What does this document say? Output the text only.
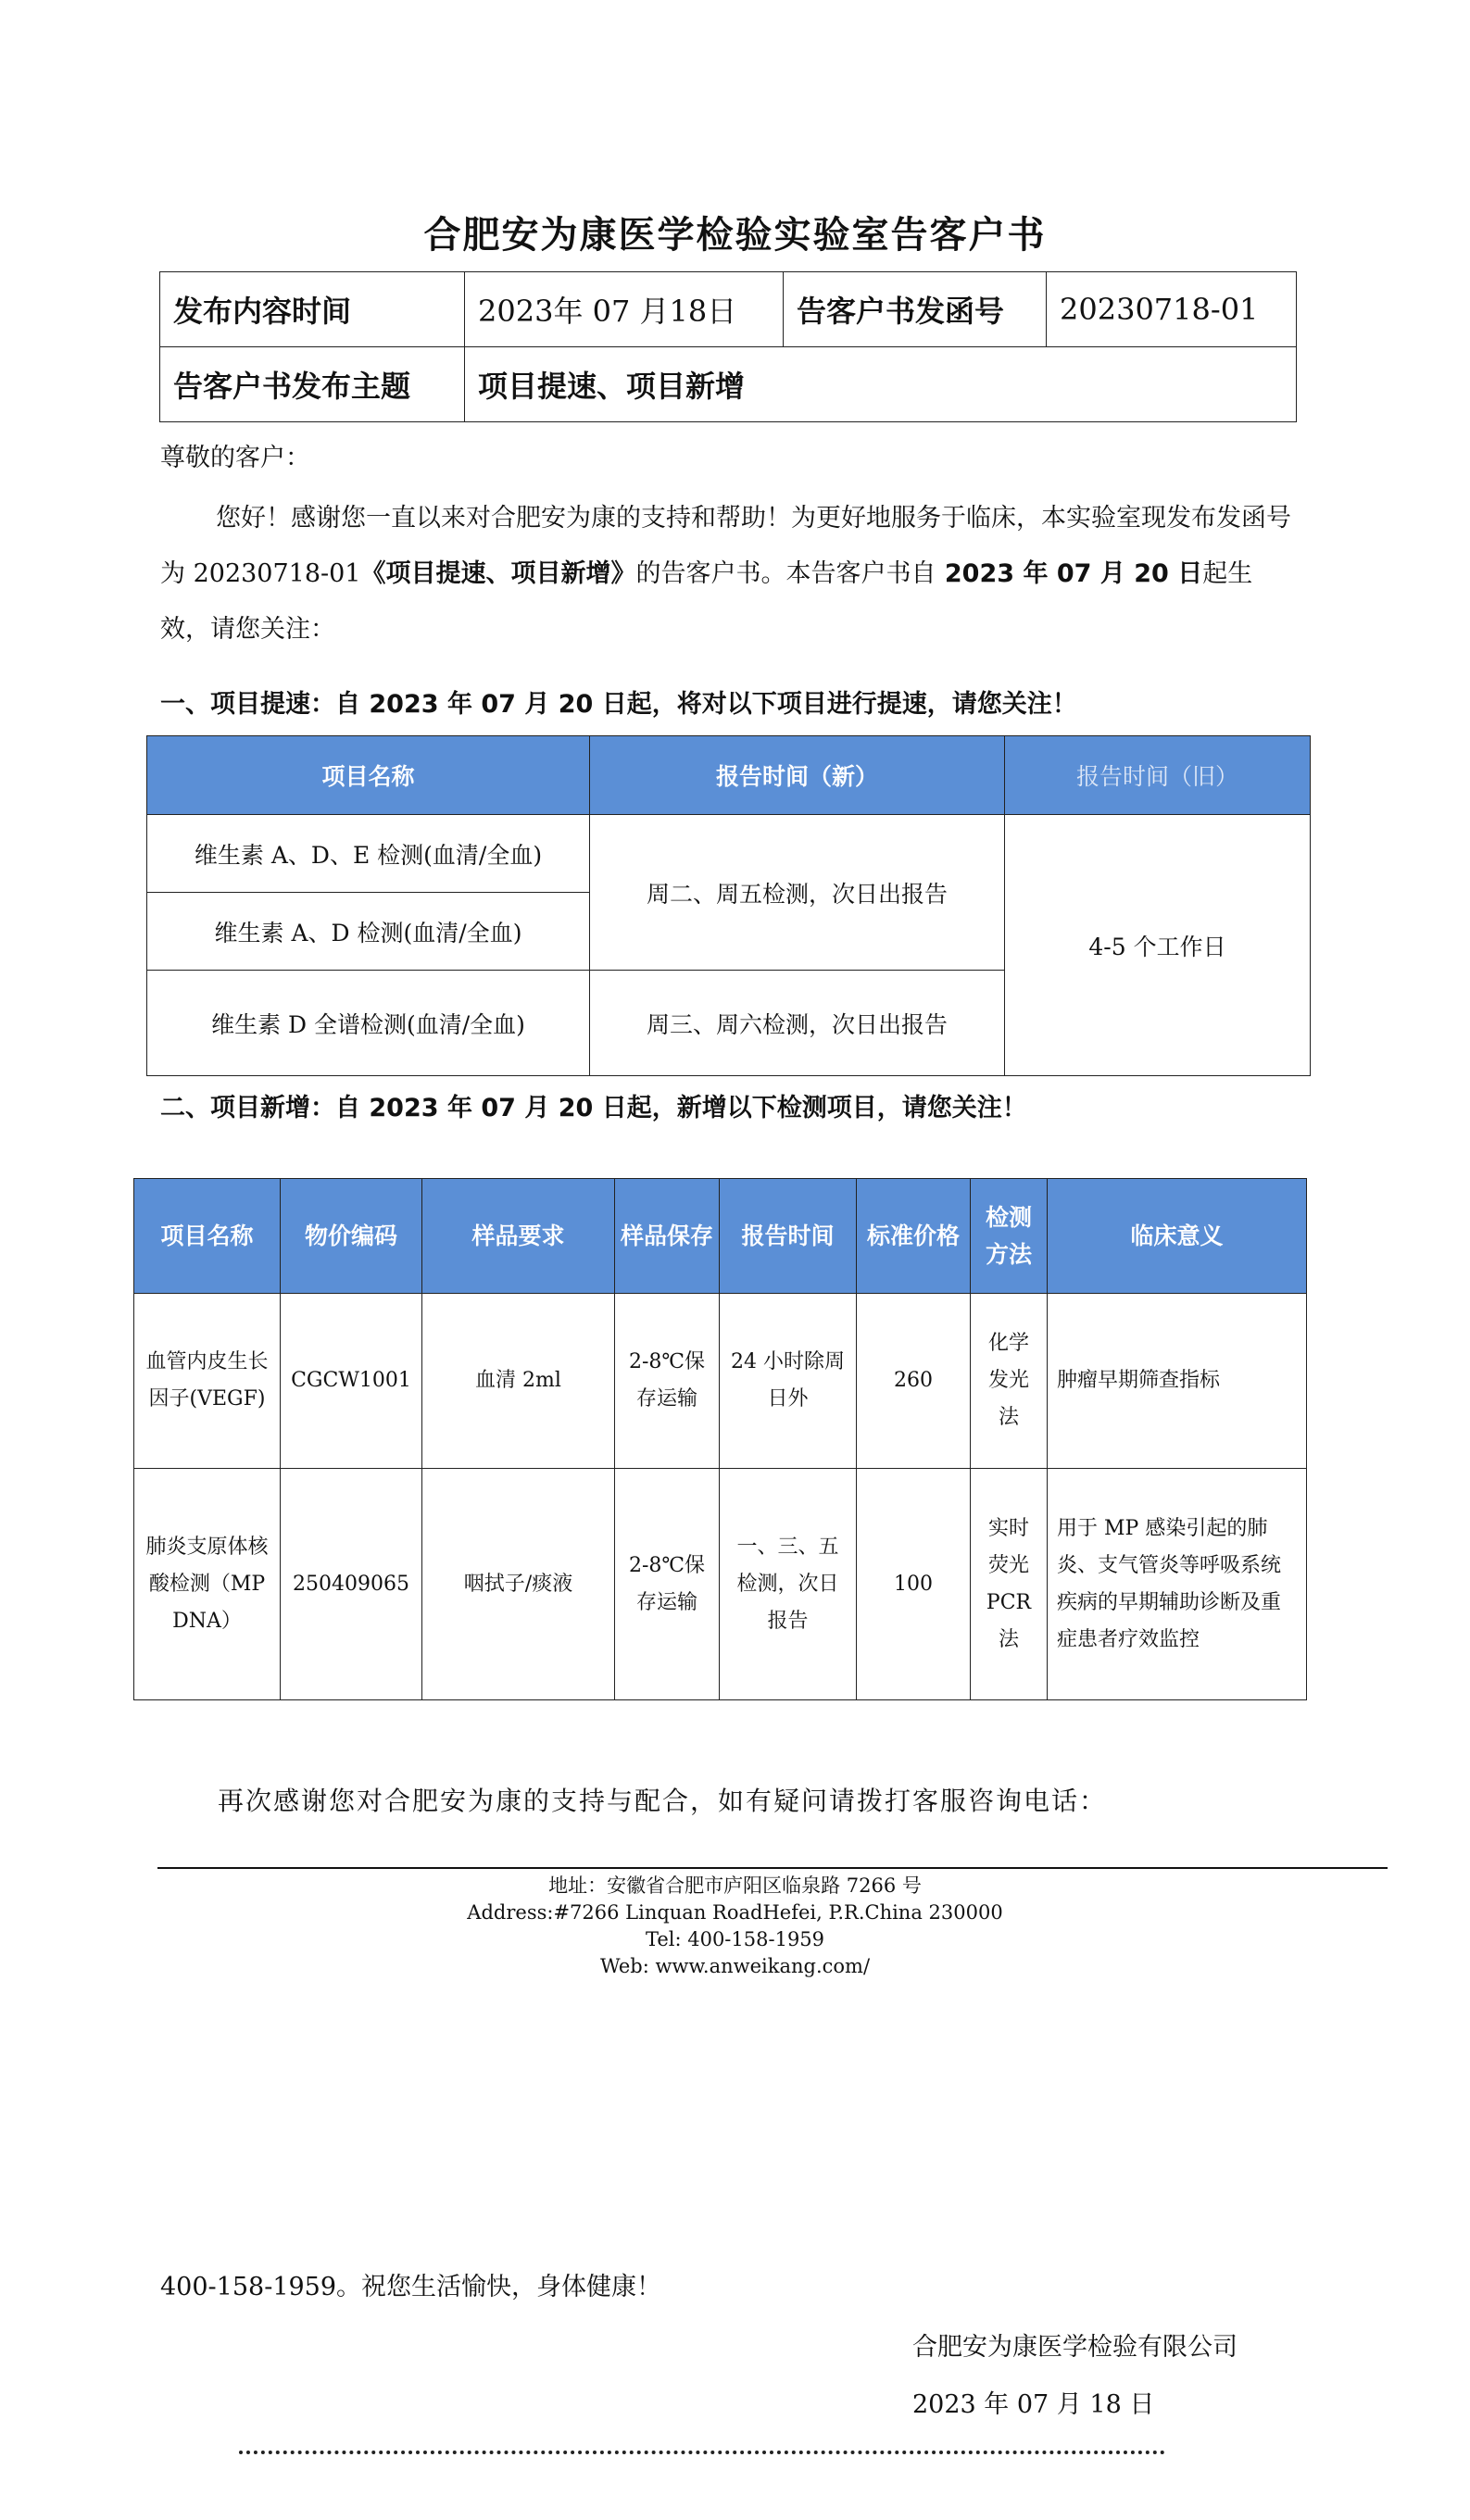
合肥安为康医学检验实验室告客户书
发布内容时间	2023年 07 月18日	告客户书发函号	20230718-01
告客户书发布主题	项目提速、项目新增		
尊敬的客户：
您好！感谢您一直以来对合肥安为康的支持和帮助！为更好地服务于临床，本实验室现发布发函号为 20230718-01《项目提速、项目新增》的告客户书。本告客户书自 2023 年 07 月 20 日起生效，请您关注：
一、项目提速：自 2023 年 07 月 20 日起，将对以下项目进行提速，请您关注！
项目名称	报告时间（新）	报告时间（旧）
维生素 A、D、E 检测(血清/全血)	周二、周五检测，次日出报告	4-5 个工作日
维生素 A、D 检测(血清/全血)		
维生素 D 全谱检测(血清/全血)	周三、周六检测，次日出报告	
二、项目新增：自 2023 年 07 月 20 日起，新增以下检测项目，请您关注！
项目名称	物价编码	样品要求	样品保存	报告时间	标准价格	检测方法	临床意义
血管内皮生长因子(VEGF)	CGCW1001	血清 2ml	2-8℃保存运输	24 小时除周日外	260	化学发光法	肿瘤早期筛查指标
肺炎支原体核酸检测（MP DNA）	250409065	咽拭子/痰液	2-8℃保存运输	一、三、五检测，次日报告	100	实时荧光PCR 法	用于 MP 感染引起的肺炎、支气管炎等呼吸系统疾病的早期辅助诊断及重症患者疗效监控
再次感谢您对合肥安为康的支持与配合，如有疑问请拨打客服咨询电话：
地址：安徽省合肥市庐阳区临泉路 7266 号
Address:#7266 Linquan RoadHefei, P.R.China 230000
Tel: 400-158-1959
Web: www.anweikang.com/
400-158-1959。祝您生活愉快，身体健康！
合肥安为康医学检验有限公司
2023 年 07 月 18 日
